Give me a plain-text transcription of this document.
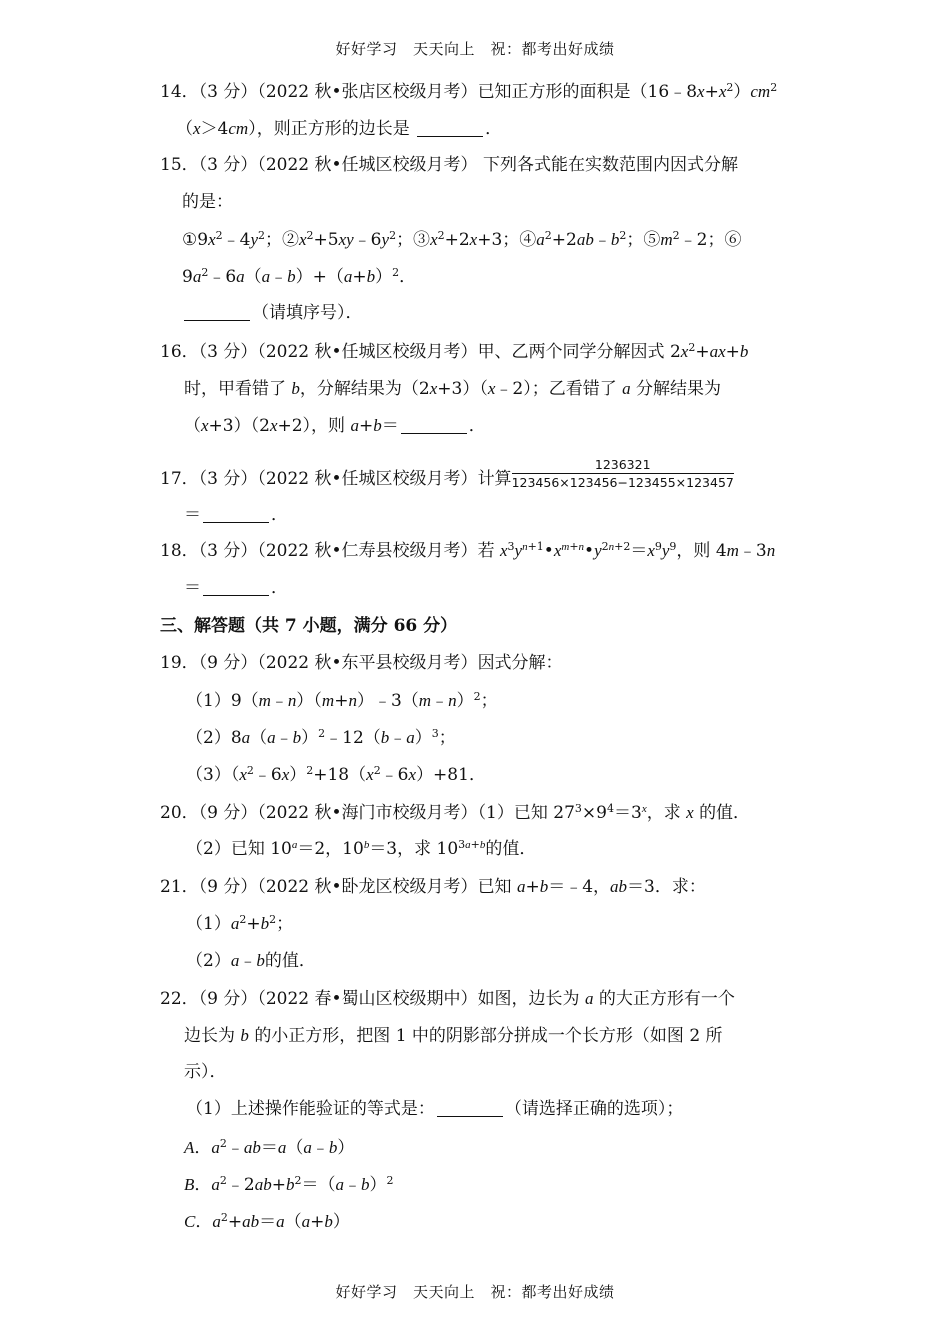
好好学习　天天向上　祝：都考出好成绩
14．（3 分）（2022 秋•张店区校级月考）已知正方形的面积是$(16﹣8x+x^2)cm^2$
（x＞4cm），则正方形的边长是	．
15．（3 分）（2022 秋•任城区校级月考） 下列各式能在实数范围内因式分解
的是：
$①9x^2﹣4y^2$；$②x^2+5xy﹣6y^2$；$③x^2+2x+3$；$④a^2+2ab﹣b^2$；$⑤m^2﹣2$；⑥
$9a^2﹣6a(a﹣b)+(a+b)^2$．
（请填序号）．
16．（3 分）（2022 秋•任城区校级月考）甲、乙两个同学分解因式 $2x^2+ax+b$
时，甲看错了 b，分解结果为（2x+3）（x﹣2）；乙看错了 a 分解结果为
（x+3）（2x+2），则 a+b＝	．
17．（3 分）（2022 秋•任城区校级月考）计算 $\frac{1236321}{123456\times 123456-123455\times 123457}$
＝	．
18．（3 分）（2022 秋•仁寿县校级月考）若 $x^3y^{n+1}•x^{m+n}•y^{2n+2}=x^9y^9$，则 4m﹣3n
＝	．
三、解答题（共 7 小题，满分 66 分）
19．（9 分）（2022 秋•东平县校级月考）因式分解：
（1）9（m﹣n）（m+n）﹣3（m﹣n）$^2$；
（2）8a（a﹣b）$^2$﹣12（b﹣a）$^3$；
$(3)(x^2﹣6x)^2+18(x^2﹣6x)+81$．
20．（9 分）（2022 秋•海门市校级月考）（1）已知 $27^3\times 9^4=3^x$，求 x 的值．
（2）已知 $10^a=2$，$10^b=3$，求 $10^{3a+b}$的值．
21．（9 分）（2022 秋•卧龙区校级月考）已知 a+b＝﹣4，ab＝3．求：
$(1)a^2+b^2$；
（2）a﹣b的值．
22．（9 分）（2022 春•蜀山区校级期中）如图，边长为 a 的大正方形有一个
边长为 b 的小正方形，把图 1 中的阴影部分拼成一个长方形（如图 2 所
示）．
（1）上述操作能验证的等式是：	（请选择正确的选项）；
A．$a^2﹣ab=a(a﹣b)$
B．$a^2﹣2ab+b^2=(a﹣b)^2$
C．$a^2+ab=a(a+b)$
好好学习　天天向上　祝：都考出好成绩
